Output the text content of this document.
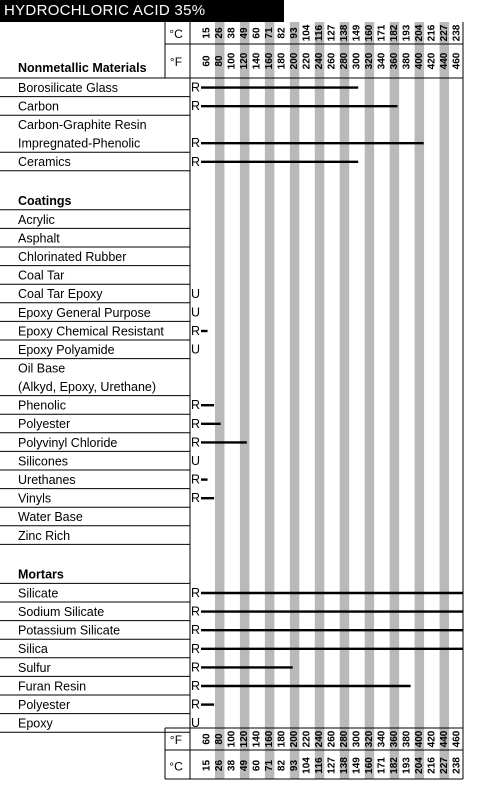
HYDROCHLORIC ACID 35%
°C 15 26 38 49 60 71 82 93 104 116 127 138 149 160 171 182 193 204 216 227 238
°F 60 80 100 120 140 160 180 200 220 240 260 280 300 320 340 360 380 400 420 440 460
°F 60 80 100 120 140 160 180 200 220 240 260 280 300 320 340 360 380 400 420 440 460
°C 15 26 38 49 60 71 82 93 104 116 127 138 149 160 171 182 193 204 216 227 238
Nonmetallic Materials
Borosilicate Glass	R
Carbon	R
Carbon-Graphite Resin
Impregnated-Phenolic	R
Ceramics	R
Coatings
Acrylic
Asphalt
Chlorinated Rubber
Coal Tar
Coal Tar Epoxy	U
Epoxy General Purpose	U
Epoxy Chemical Resistant R
Epoxy Polyamide	U
Oil Base
(Alkyd, Epoxy, Urethane)
Phenolic	R
Polyester	R
Polyvinyl Chloride	R
Silicones	U
Urethanes	R
Vinyls	R
Water Base
Zinc Rich
Mortars
Silicate	R
Sodium Silicate	R
Potassium Silicate	R
Silica	R
Sulfur	R
Furan Resin	R
Polyester	R
Epoxy	U
